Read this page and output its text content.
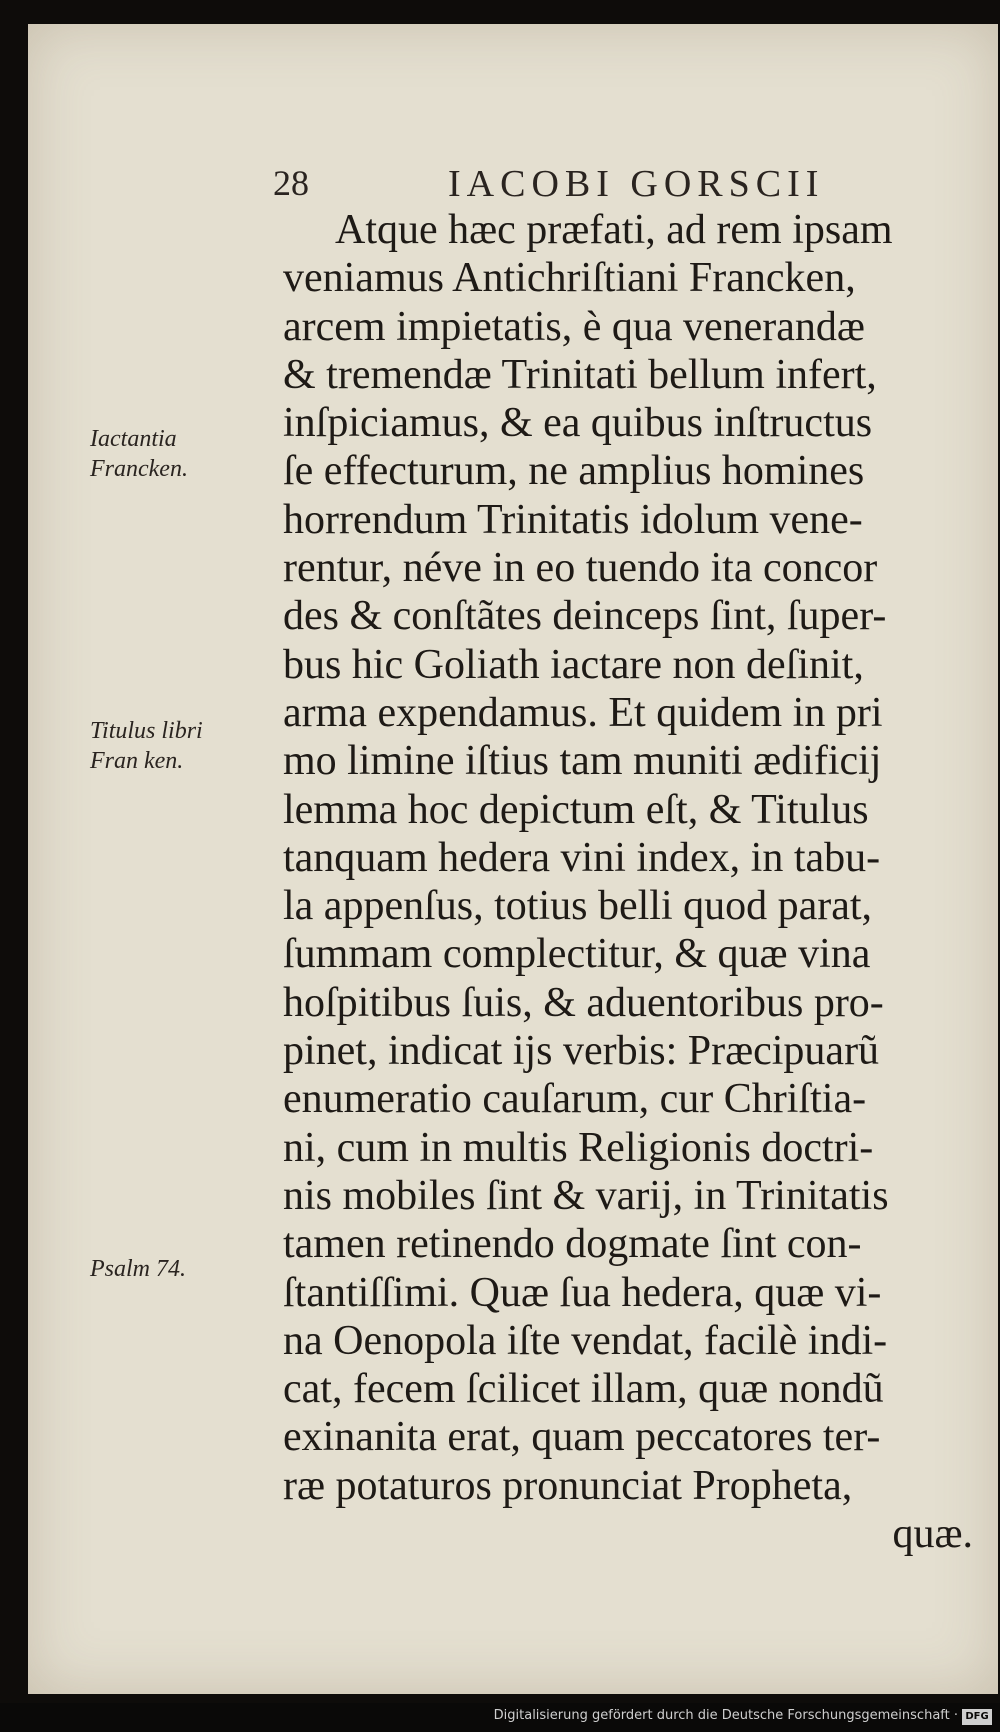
28	IACOBI GORSCII
Iactantia
Francken.
Titulus libri
Fran ken.
Psalm 74.
Atque hæc præfati, ad rem ipsam
veniamus Antichriſtiani Francken,
arcem impietatis, è qua venerandæ
& tremendæ Trinitati bellum infert,
inſpiciamus, & ea quibus inſtructus
ſe effecturum, ne amplius homines
horrendum Trinitatis idolum vene-
rentur, néve in eo tuendo ita concor
des & conſtãtes deinceps ſint, ſuper-
bus hic Goliath iactare non deſinit,
arma expendamus. Et quidem in pri
mo limine iſtius tam muniti ædificij
lemma hoc depictum eſt, & Titulus
tanquam hedera vini index, in tabu-
la appenſus, totius belli quod parat,
ſummam complectitur, & quæ vina
hoſpitibus ſuis, & aduentoribus pro-
pinet, indicat ijs verbis: Præcipuarũ
enumeratio cauſarum, cur Chriſtia-
ni, cum in multis Religionis doctri-
nis mobiles ſint & varij, in Trinitatis
tamen retinendo dogmate ſint con-
ſtantiſſimi. Quæ ſua hedera, quæ vi-
na Oenopola iſte vendat, facilè indi-
cat, fecem ſcilicet illam, quæ nondũ
exinanita erat, quam peccatores ter-
ræ potaturos pronunciat Propheta,
quæ.
Digitalisierung gefördert durch die Deutsche Forschungsgemeinschaft · DFG
